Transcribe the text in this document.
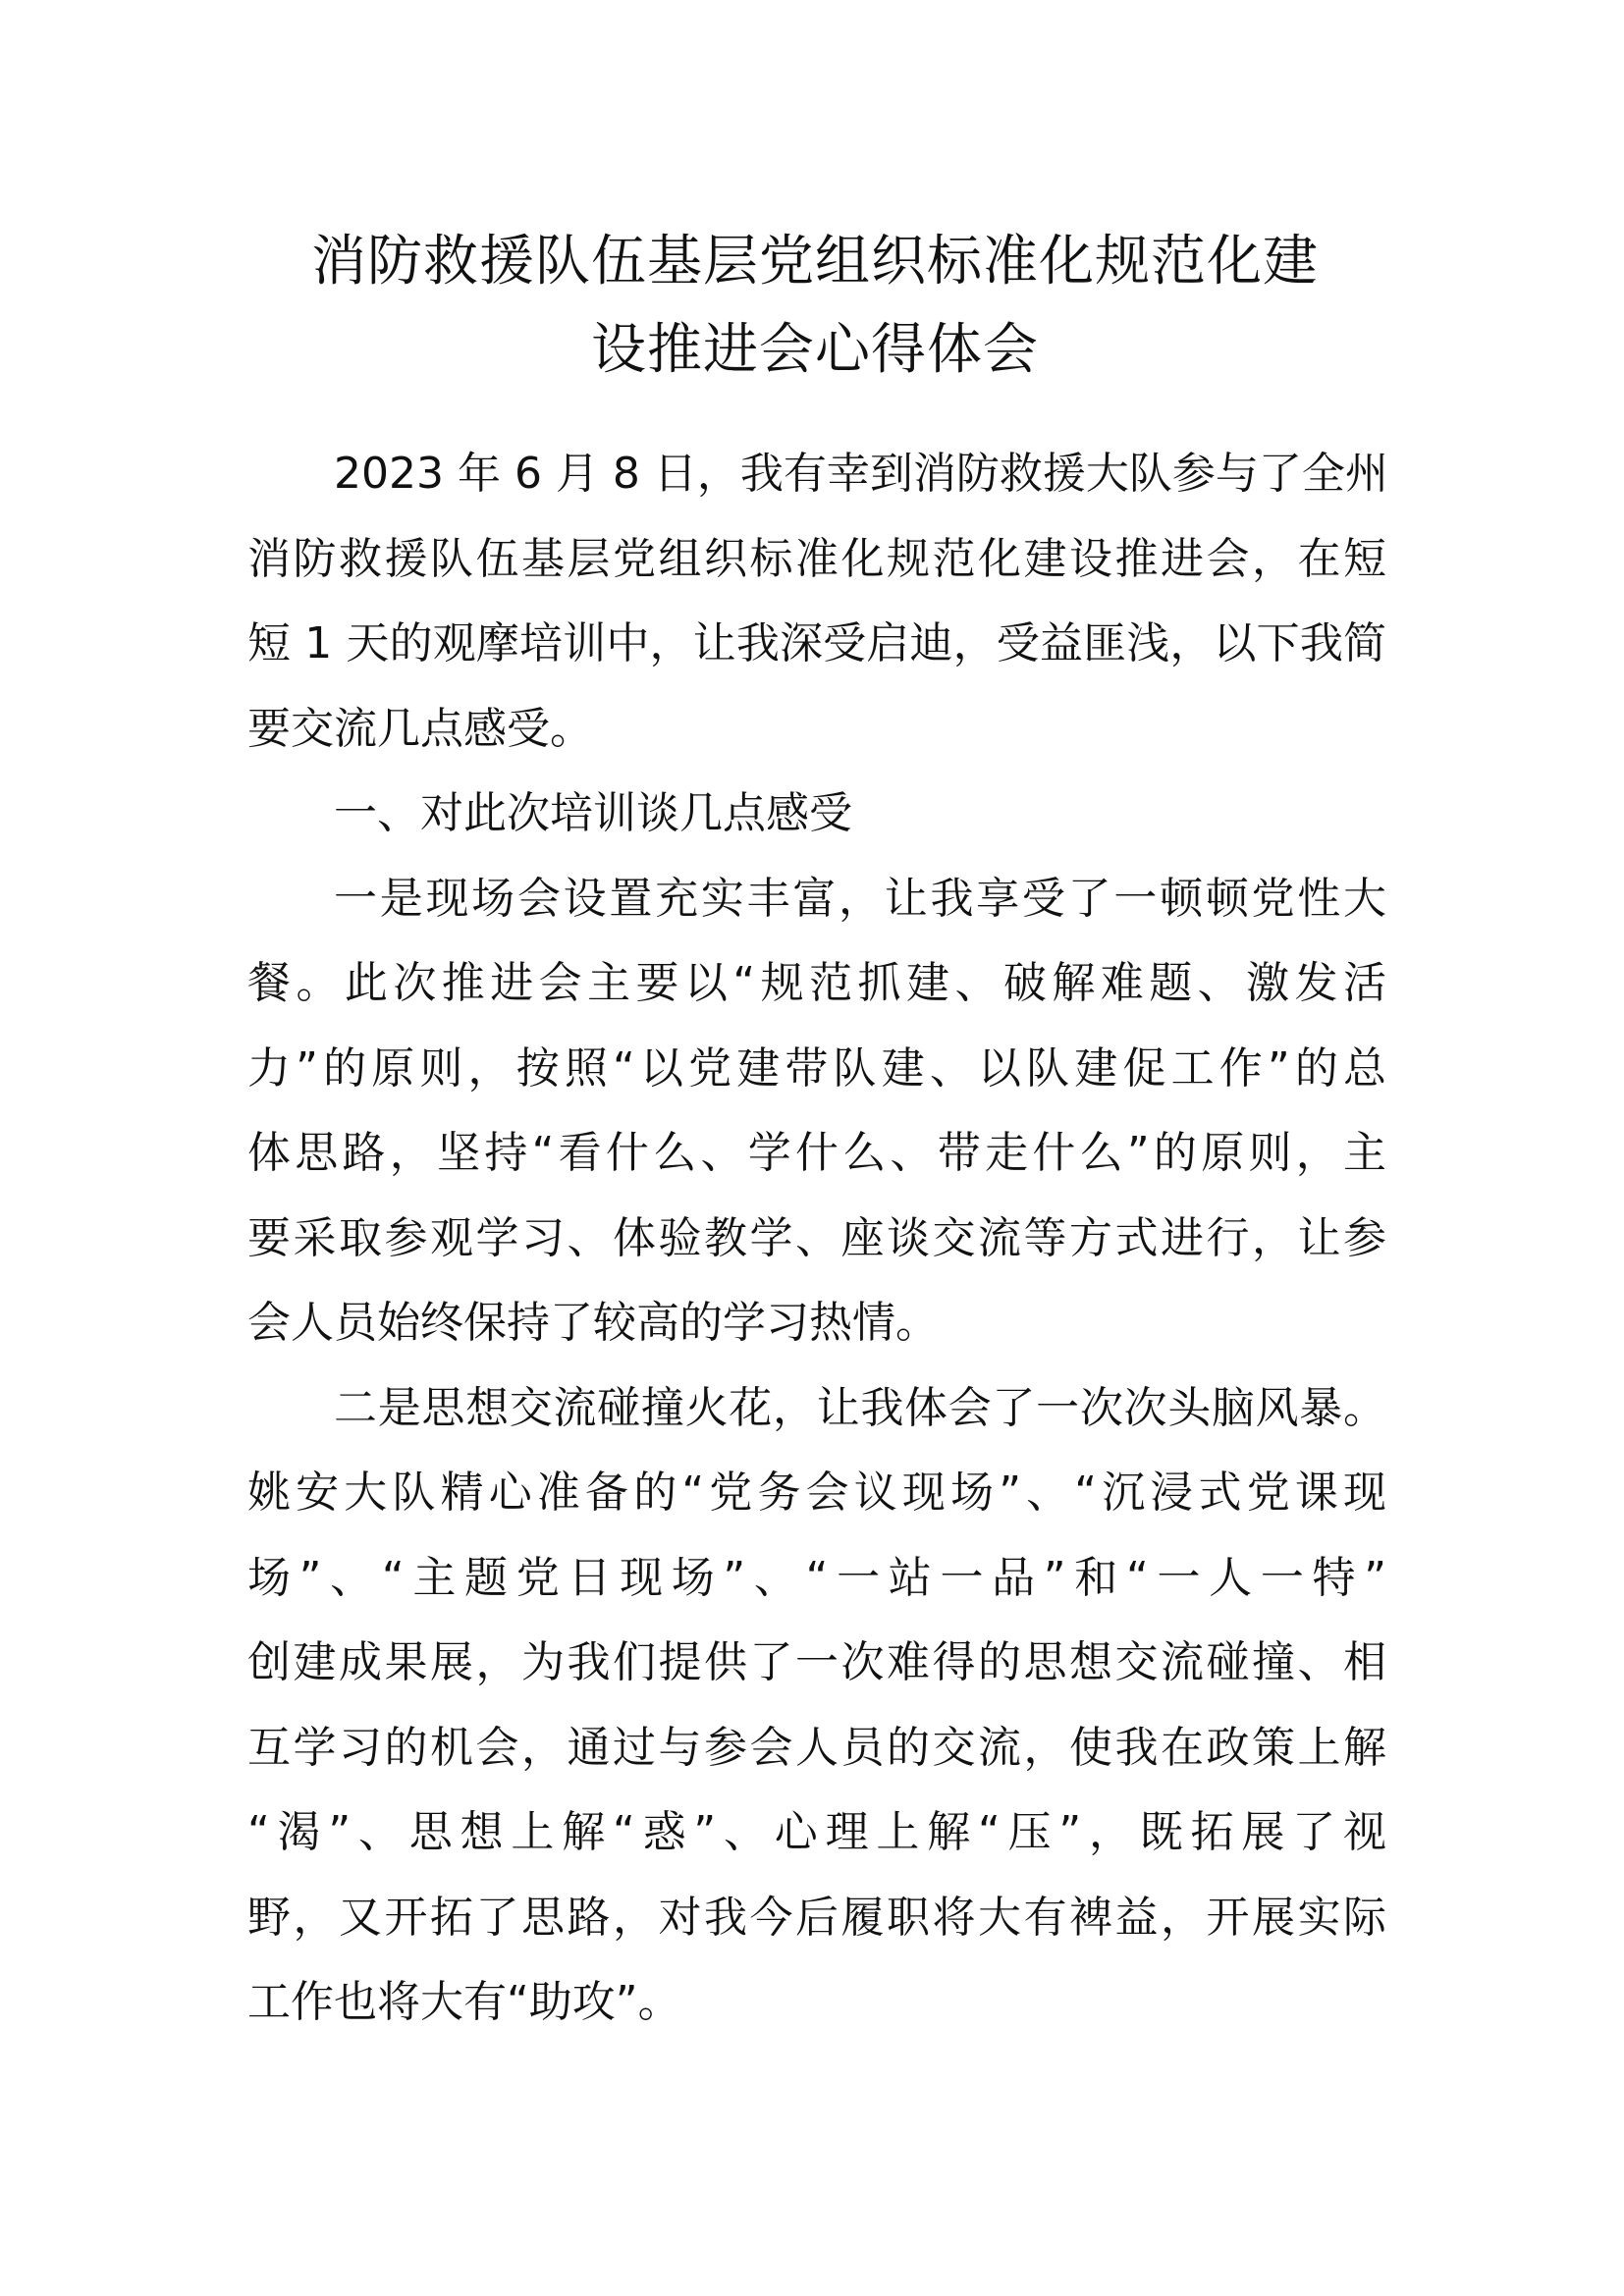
消防救援队伍基层党组织标准化规范化建
设推进会心得体会
2023 年 6 月 8 日，我有幸到消防救援大队参与了全州
消防救援队伍基层党组织标准化规范化建设推进会，在短
短 1 天的观摩培训中，让我深受启迪，受益匪浅，以下我简
要交流几点感受。
一、对此次培训谈几点感受
一是现场会设置充实丰富，让我享受了一顿顿党性大
餐。此次推进会主要以“规范抓建、破解难题、激发活
力”的原则，按照“以党建带队建、以队建促工作”的总
体思路，坚持“看什么、学什么、带走什么”的原则，主
要采取参观学习、体验教学、座谈交流等方式进行，让参
会人员始终保持了较高的学习热情。
二是思想交流碰撞火花，让我体会了一次次头脑风暴。
姚安大队精心准备的“党务会议现场”、“沉浸式党课现
场”、“主题党日现场”、“一站一品”和“一人一特”
创建成果展，为我们提供了一次难得的思想交流碰撞、相
互学习的机会，通过与参会人员的交流，使我在政策上解
“渴”、思想上解“惑”、心理上解“压”，既拓展了视
野，又开拓了思路，对我今后履职将大有裨益，开展实际
工作也将大有“助攻”。
